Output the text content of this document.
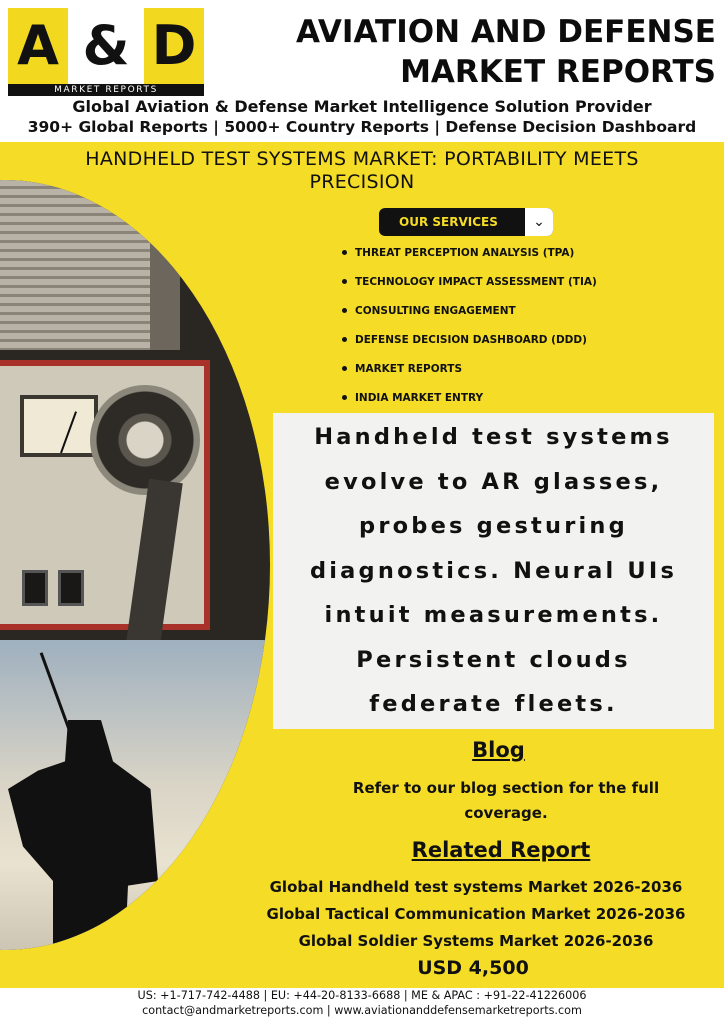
A & D
MARKET REPORTS
AVIATION AND DEFENSE
MARKET REPORTS
Global Aviation & Defense Market Intelligence Solution Provider
390+ Global Reports | 5000+ Country Reports | Defense Decision Dashboard
HANDHELD TEST SYSTEMS MARKET: PORTABILITY MEETS
PRECISION
OUR SERVICES	⌄
THREAT PERCEPTION ANALYSIS (TPA)
TECHNOLOGY IMPACT ASSESSMENT (TIA)
CONSULTING ENGAGEMENT
DEFENSE DECISION DASHBOARD (DDD)
MARKET REPORTS
INDIA MARKET ENTRY

Handheld test systems evolve to AR glasses, probes gesturing diagnostics. Neural UIs intuit measurements. Persistent clouds federate fleets.

Blog
Refer to our blog section for the full coverage.
Related Report
Global Handheld test systems Market 2026-2036
Global Tactical Communication Market 2026-2036
Global Soldier Systems Market 2026-2036
USD 4,500
US: +1-717-742-4488 | EU: +44-20-8133-6688 | ME & APAC : +91-22-41226006
contact@andmarketreports.com | www.aviationanddefensemarketreports.com
